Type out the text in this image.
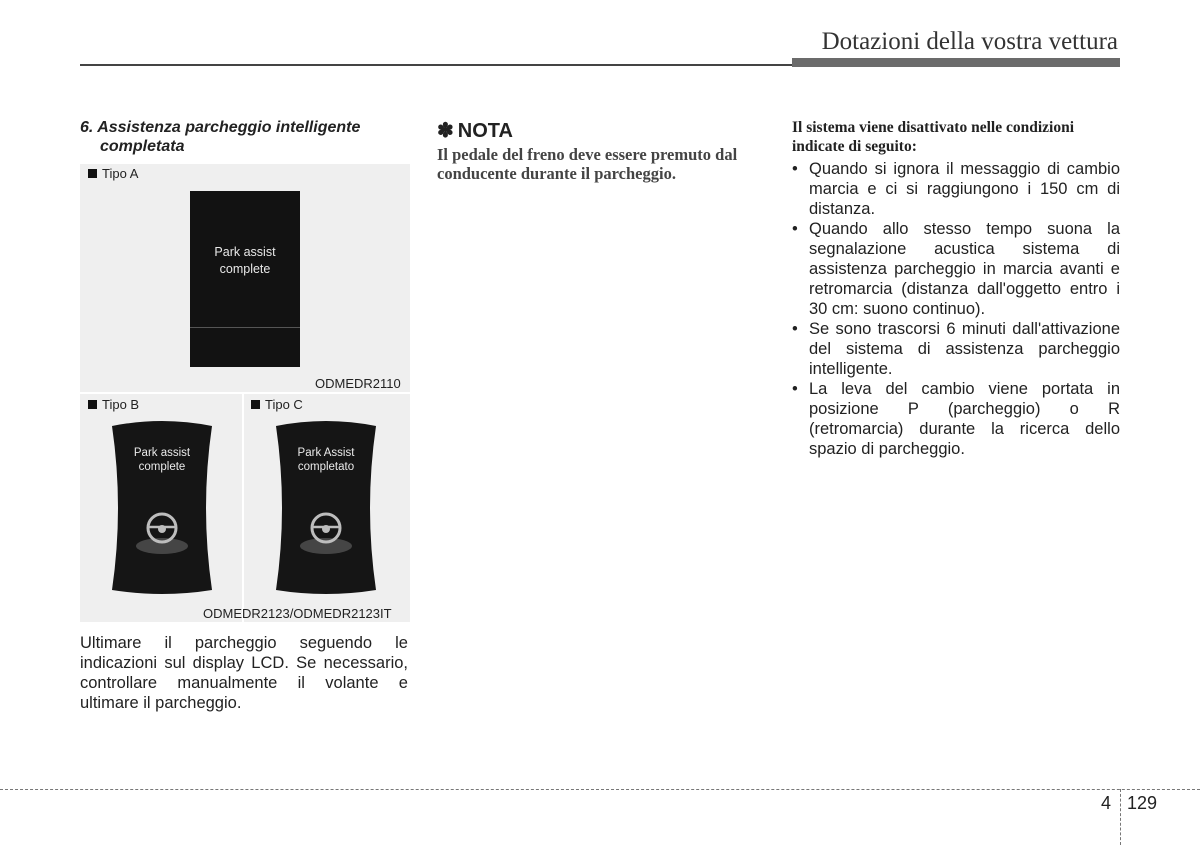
Dotazioni della vostra vettura
6. Assistenza parcheggio intelligente
completata
Tipo A
Park assist
complete
ODMEDR2110
Tipo B	Tipo C
Park assist
complete
Park Assist
completato
ODMEDR2123/ODMEDR2123IT
Ultimare il parcheggio seguendo le indicazioni sul display LCD. Se necessario, controllare manualmente il volante e ultimare il parcheggio.
✽ NOTA
Il pedale del freno deve essere premuto dal conducente durante il parcheggio.
Il sistema viene disattivato nelle condizioni indicate di seguito:
• Quando si ignora il messaggio di cambio marcia e ci si raggiungono i 150 cm di distanza.
• Quando allo stesso tempo suona la segnalazione acustica sistema di assistenza parcheggio in marcia avanti e retromarcia (distanza dall'oggetto entro i 30 cm: suono continuo).
• Se sono trascorsi 6 minuti dall'attivazione del sistema di assistenza parcheggio intelligente.
• La leva del cambio viene portata in posizione P (parcheggio) o R (retromarcia) durante la ricerca dello spazio di parcheggio.
4 129
